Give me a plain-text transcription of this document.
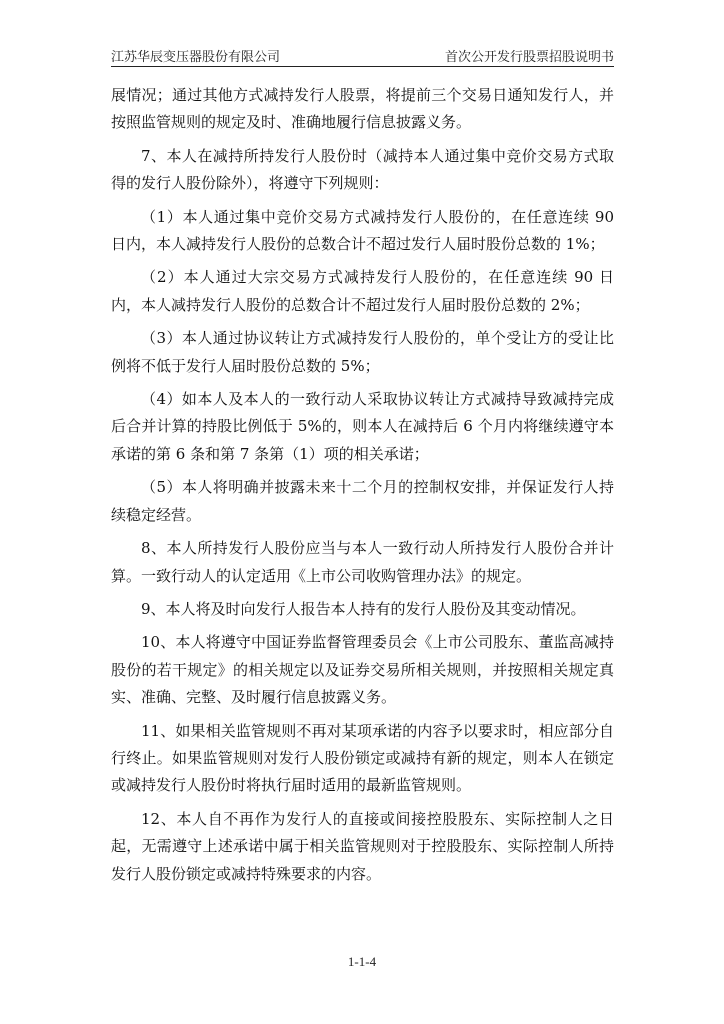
江苏华辰变压器股份有限公司	首次公开发行股票招股说明书

展情况；通过其他方式减持发行人股票，将提前三个交易日通知发行人，并按照监管规则的规定及时、准确地履行信息披露义务。

7、本人在减持所持发行人股份时（减持本人通过集中竞价交易方式取得的发行人股份除外），将遵守下列规则：

（1）本人通过集中竞价交易方式减持发行人股份的，在任意连续 90 日内，本人减持发行人股份的总数合计不超过发行人届时股份总数的 1%；

（2）本人通过大宗交易方式减持发行人股份的，在任意连续 90 日内，本人减持发行人股份的总数合计不超过发行人届时股份总数的 2%；

（3）本人通过协议转让方式减持发行人股份的，单个受让方的受让比例将不低于发行人届时股份总数的 5%；

（4）如本人及本人的一致行动人采取协议转让方式减持导致减持完成后合并计算的持股比例低于 5%的，则本人在减持后 6 个月内将继续遵守本承诺的第 6 条和第 7 条第（1）项的相关承诺；

（5）本人将明确并披露未来十二个月的控制权安排，并保证发行人持续稳定经营。

8、本人所持发行人股份应当与本人一致行动人所持发行人股份合并计算。一致行动人的认定适用《上市公司收购管理办法》的规定。

9、本人将及时向发行人报告本人持有的发行人股份及其变动情况。

10、本人将遵守中国证券监督管理委员会《上市公司股东、董监高减持股份的若干规定》的相关规定以及证券交易所相关规则，并按照相关规定真实、准确、完整、及时履行信息披露义务。

11、如果相关监管规则不再对某项承诺的内容予以要求时，相应部分自行终止。如果监管规则对发行人股份锁定或减持有新的规定，则本人在锁定或减持发行人股份时将执行届时适用的最新监管规则。

12、本人自不再作为发行人的直接或间接控股股东、实际控制人之日起，无需遵守上述承诺中属于相关监管规则对于控股股东、实际控制人所持发行人股份锁定或减持特殊要求的内容。

1-1-4
